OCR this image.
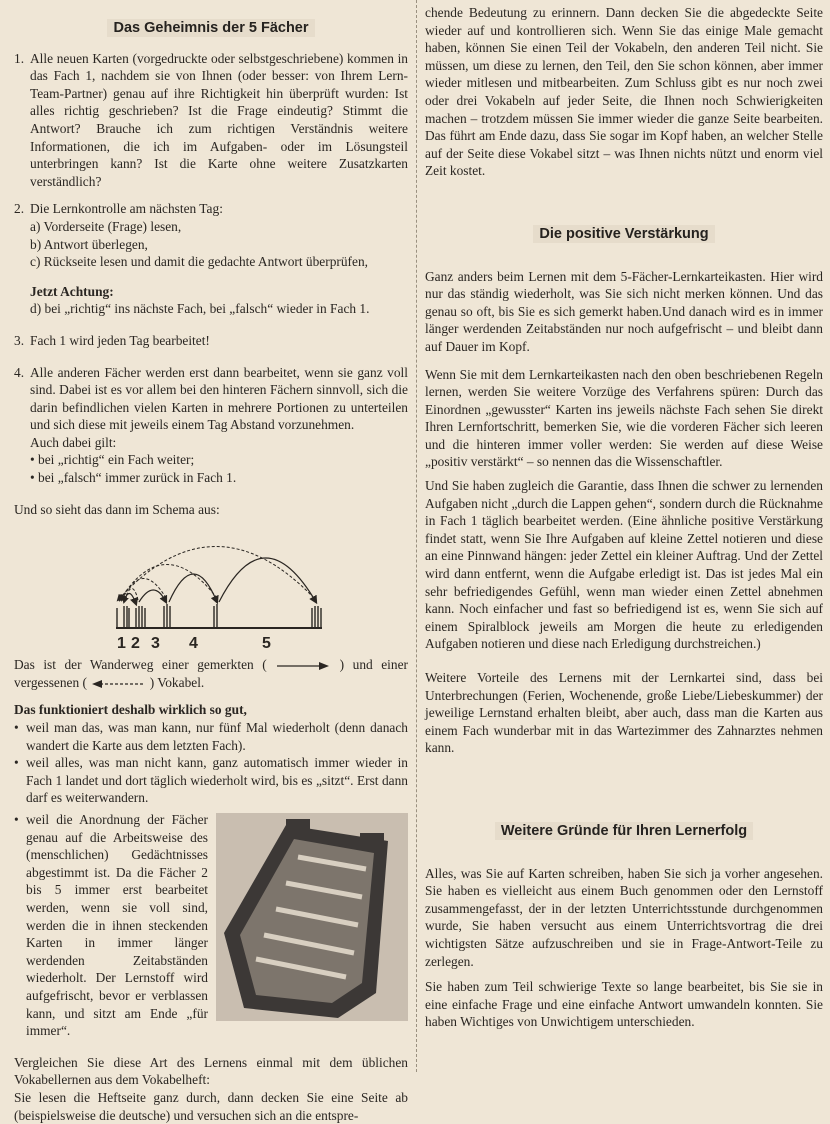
Das Geheimnis der 5 Fächer
1. Alle neuen Karten (vorgedruckte oder selbstgeschriebene) kommen in das Fach 1, nachdem sie von Ihnen (oder besser: von Ihrem Lern-Team-Partner) genau auf ihre Richtigkeit hin überprüft wurden: Ist alles richtig geschrieben? Ist die Frage eindeutig? Stimmt die Antwort? Brauche ich zum richtigen Verständnis weitere Informationen, die ich im Aufgaben- oder im Lösungsteil unterbringen kann? Ist die Karte ohne weitere Zusatzkarten verständlich?
2. Die Lernkontrolle am nächsten Tag:
a) Vorderseite (Frage) lesen,
b) Antwort überlegen,
c) Rückseite lesen und damit die gedachte Antwort überprüfen,
Jetzt Achtung:
d) bei „richtig“ ins nächste Fach, bei „falsch“ wieder in Fach 1.
3. Fach 1 wird jeden Tag bearbeitet!
4. Alle anderen Fächer werden erst dann bearbeitet, wenn sie ganz voll sind. Dabei ist es vor allem bei den hinteren Fächern sinnvoll, sich die darin befindlichen vielen Karten in mehrere Portionen zu unterteilen und sich diese mit jeweils einem Tag Abstand vorzunehmen.
Auch dabei gilt:
• bei „richtig“ ein Fach weiter;
• bei „falsch“ immer zurück in Fach 1.

Und so sieht das dann im Schema aus:

1 2 3 4	5

Das ist der Wanderweg einer gemerkten (	) und einer vergessenen (	) Vokabel.

Das funktioniert deshalb wirklich so gut,
• weil man das, was man kann, nur fünf Mal wiederholt (denn danach wandert die Karte aus dem letzten Fach).
• weil alles, was man nicht kann, ganz automatisch immer wieder in Fach 1 landet und dort täglich wiederholt wird, bis es „sitzt“. Erst dann darf es weiterwandern.
• weil die Anordnung der Fächer genau auf die Arbeitsweise des (menschlichen) Gedächtnisses abgestimmt ist. Da die Fächer 2 bis 5 immer erst bearbeitet werden, wenn sie voll sind, werden die in ihnen steckenden Karten in immer länger werdenden Zeitabständen wiederholt. Der Lernstoff wird aufgefrischt, bevor er verblassen kann, und sitzt am Ende „für immer“.

Vergleichen Sie diese Art des Lernens einmal mit dem üblichen Vokabellernen aus dem Vokabelheft:

Sie lesen die Heftseite ganz durch, dann decken Sie eine Seite ab (beispielsweise die deutsche) und versuchen sich an die entspre-

chende Bedeutung zu erinnern. Dann decken Sie die abgedeckte Seite wieder auf und kontrollieren sich. Wenn Sie das einige Male gemacht haben, können Sie einen Teil der Vokabeln, den anderen Teil nicht. Sie müssen, um diese zu lernen, den Teil, den Sie schon können, aber immer wieder mitlesen und mitbearbeiten. Zum Schluss gibt es nur noch zwei oder drei Vokabeln auf jeder Seite, die Ihnen noch Schwierigkeiten machen – trotzdem müssen Sie immer wieder die ganze Seite bearbeiten. Das führt am Ende dazu, dass Sie sogar im Kopf haben, an welcher Stelle auf der Seite diese Vokabel sitzt – was Ihnen nichts nützt und enorm viel Zeit kostet.

Die positive Verstärkung

Ganz anders beim Lernen mit dem 5-Fächer-Lernkarteikasten. Hier wird nur das ständig wiederholt, was Sie sich nicht merken können. Und das genau so oft, bis Sie es sich gemerkt haben.Und danach wird es in immer länger werdenden Zeitabständen nur noch aufgefrischt – und bleibt dann auf Dauer im Kopf.

Wenn Sie mit dem Lernkarteikasten nach den oben beschriebenen Regeln lernen, werden Sie weitere Vorzüge des Verfahrens spüren: Durch das Einordnen „gewusster“ Karten ins jeweils nächste Fach sehen Sie direkt Ihren Lernfortschritt, bemerken Sie, wie die vorderen Fächer sich leeren und die hinteren immer voller werden: Sie werden auf diese Weise „positiv verstärkt“ – so nennen das die Wissenschaftler.

Und Sie haben zugleich die Garantie, dass Ihnen die schwer zu lernenden Aufgaben nicht „durch die Lappen gehen“, sondern durch die Rücknahme in Fach 1 täglich bearbeitet werden. (Eine ähnliche positive Verstärkung findet statt, wenn Sie Ihre Aufgaben auf kleine Zettel notieren und diese an eine Pinnwand hängen: jeder Zettel ein kleiner Auftrag. Und der Zettel wird dann entfernt, wenn die Aufgabe erledigt ist. Das ist jedes Mal ein sehr befriedigendes Gefühl, wenn man wieder einen Zettel abnehmen kann. Noch einfacher und fast so befriedigend ist es, wenn Sie sich auf einem Spiralblock jeweils am Morgen die heute zu erledigenden Aufgaben notieren und diese nach Erledigung durchstreichen.)

Weitere Vorteile des Lernens mit der Lernkartei sind, dass bei Unterbrechungen (Ferien, Wochenende, große Liebe/Liebeskummer) der jeweilige Lernstand erhalten bleibt, aber auch, dass man die Karten aus einem Fach wunderbar mit in das Wartezimmer des Zahnarztes nehmen kann.

Weitere Gründe für Ihren Lernerfolg

Alles, was Sie auf Karten schreiben, haben Sie sich ja vorher angesehen. Sie haben es vielleicht aus einem Buch genommen oder den Lernstoff zusammengefasst, der in der letzten Unterrichtsstunde durchgenommen wurde, Sie haben versucht aus einem Unterrichtsvortrag die drei wichtigsten Sätze aufzuschreiben und sie in Frage-Antwort-Teile zu zerlegen.

Sie haben zum Teil schwierige Texte so lange bearbeitet, bis Sie sie in eine einfache Frage und eine einfache Antwort umwandeln konnten. Sie haben Wichtiges von Unwichtigem unterschieden.
